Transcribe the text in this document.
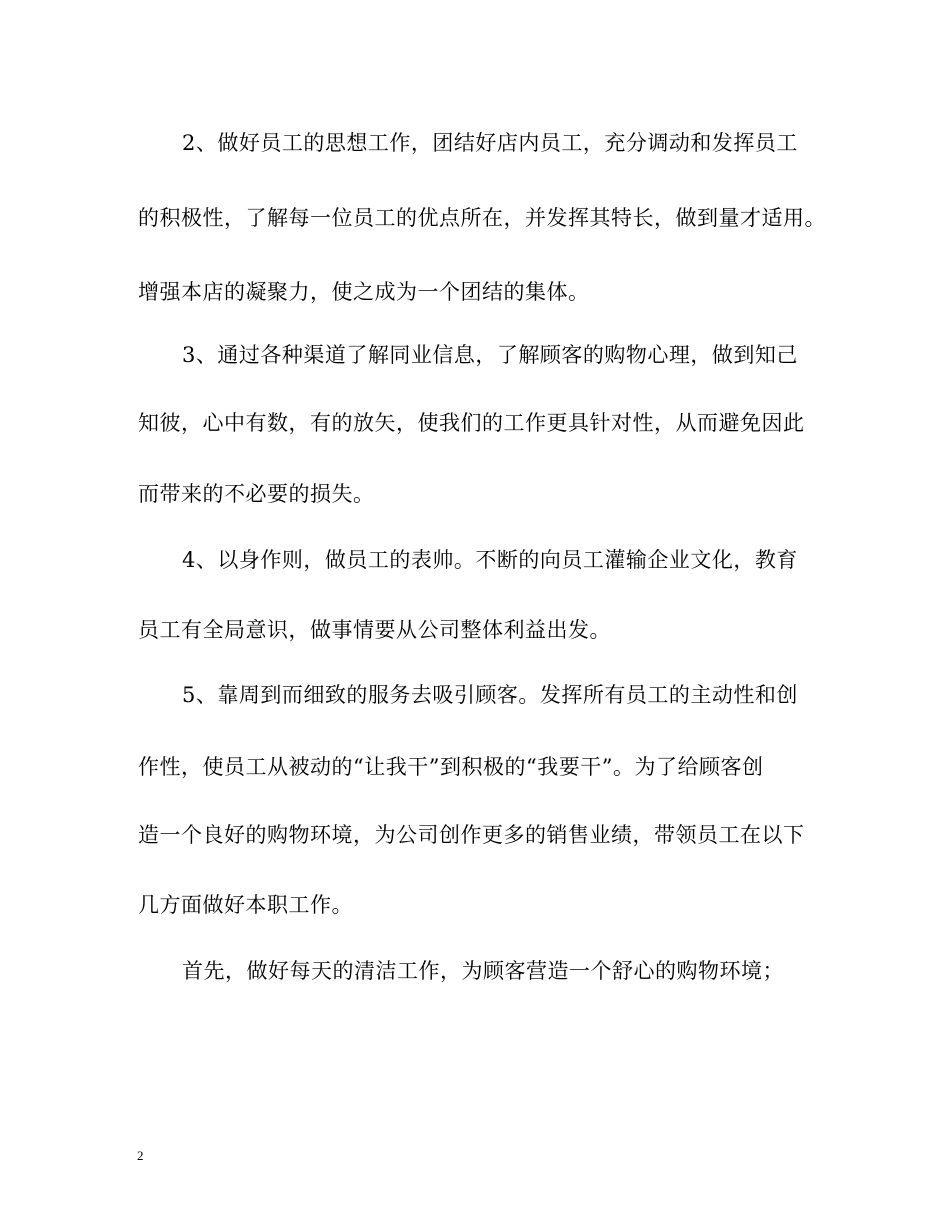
2、做好员工的思想工作，团结好店内员工，充分调动和发挥员工
的积极性，了解每一位员工的优点所在，并发挥其特长，做到量才适用。
增强本店的凝聚力，使之成为一个团结的集体。
3、通过各种渠道了解同业信息，了解顾客的购物心理，做到知己
知彼，心中有数，有的放矢，使我们的工作更具针对性，从而避免因此
而带来的不必要的损失。
4、以身作则，做员工的表帅。不断的向员工灌输企业文化，教育
员工有全局意识，做事情要从公司整体利益出发。
5、靠周到而细致的服务去吸引顾客。发挥所有员工的主动性和创
作性，使员工从被动的“让我干”到积极的“我要干”。为了给顾客创
造一个良好的购物环境，为公司创作更多的销售业绩，带领员工在以下
几方面做好本职工作。
首先，做好每天的清洁工作，为顾客营造一个舒心的购物环境；
2
